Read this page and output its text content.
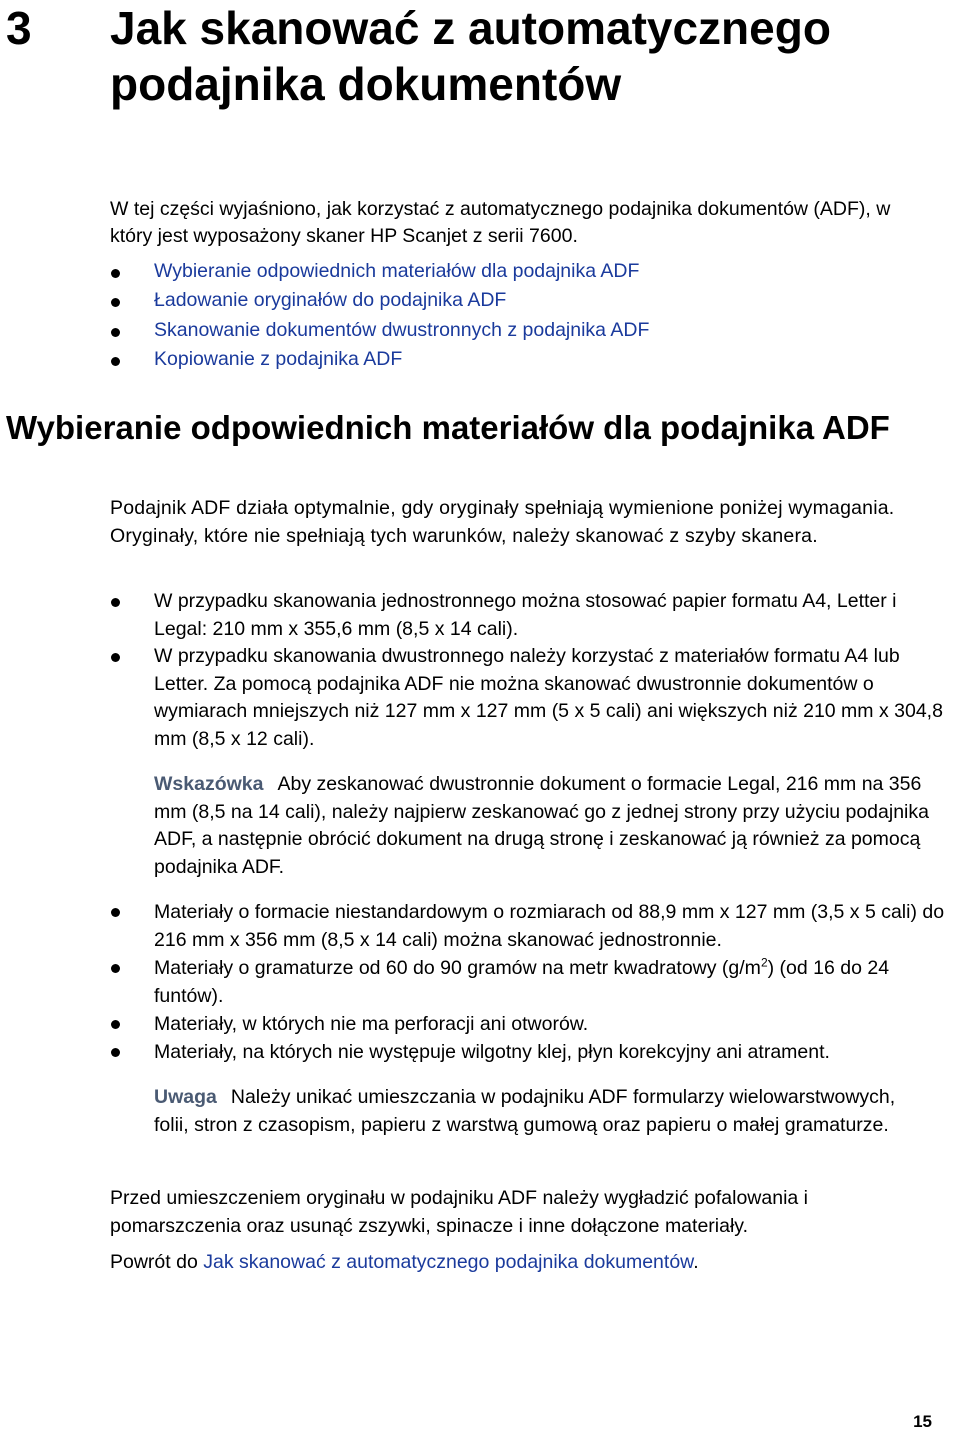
3 Jak skanować z automatycznego podajnika dokumentów
W tej części wyjaśniono, jak korzystać z automatycznego podajnika dokumentów (ADF), w który jest wyposażony skaner HP Scanjet z serii 7600.
Wybieranie odpowiednich materiałów dla podajnika ADF
Ładowanie oryginałów do podajnika ADF
Skanowanie dokumentów dwustronnych z podajnika ADF
Kopiowanie z podajnika ADF
Wybieranie odpowiednich materiałów dla podajnika ADF
Podajnik ADF działa optymalnie, gdy oryginały spełniają wymienione poniżej wymagania. Oryginały, które nie spełniają tych warunków, należy skanować z szyby skanera.
W przypadku skanowania jednostronnego można stosować papier formatu A4, Letter i Legal: 210 mm x 355,6 mm (8,5 x 14 cali).
W przypadku skanowania dwustronnego należy korzystać z materiałów formatu A4 lub Letter. Za pomocą podajnika ADF nie można skanować dwustronnie dokumentów o wymiarach mniejszych niż 127 mm x 127 mm (5 x 5 cali) ani większych niż 210 mm x 304,8 mm (8,5 x 12 cali).
Wskazówka Aby zeskanować dwustronnie dokument o formacie Legal, 216 mm na 356 mm (8,5 na 14 cali), należy najpierw zeskanować go z jednej strony przy użyciu podajnika ADF, a następnie obrócić dokument na drugą stronę i zeskanować ją również za pomocą podajnika ADF.
Materiały o formacie niestandardowym o rozmiarach od 88,9 mm x 127 mm (3,5 x 5 cali) do 216 mm x 356 mm (8,5 x 14 cali) można skanować jednostronnie.
Materiały o gramaturze od 60 do 90 gramów na metr kwadratowy $(g/m^2)$ (od 16 do 24 funtów).
Materiały, w których nie ma perforacji ani otworów.
Materiały, na których nie występuje wilgotny klej, płyn korekcyjny ani atrament.
Uwaga Należy unikać umieszczania w podajniku ADF formularzy wielowarstwowych, folii, stron z czasopism, papieru z warstwą gumową oraz papieru o małej gramaturze.
Przed umieszczeniem oryginału w podajniku ADF należy wygładzić pofalowania i pomarszczenia oraz usunąć zszywki, spinacze i inne dołączone materiały.
Powrót do Jak skanować z automatycznego podajnika dokumentów.
15
